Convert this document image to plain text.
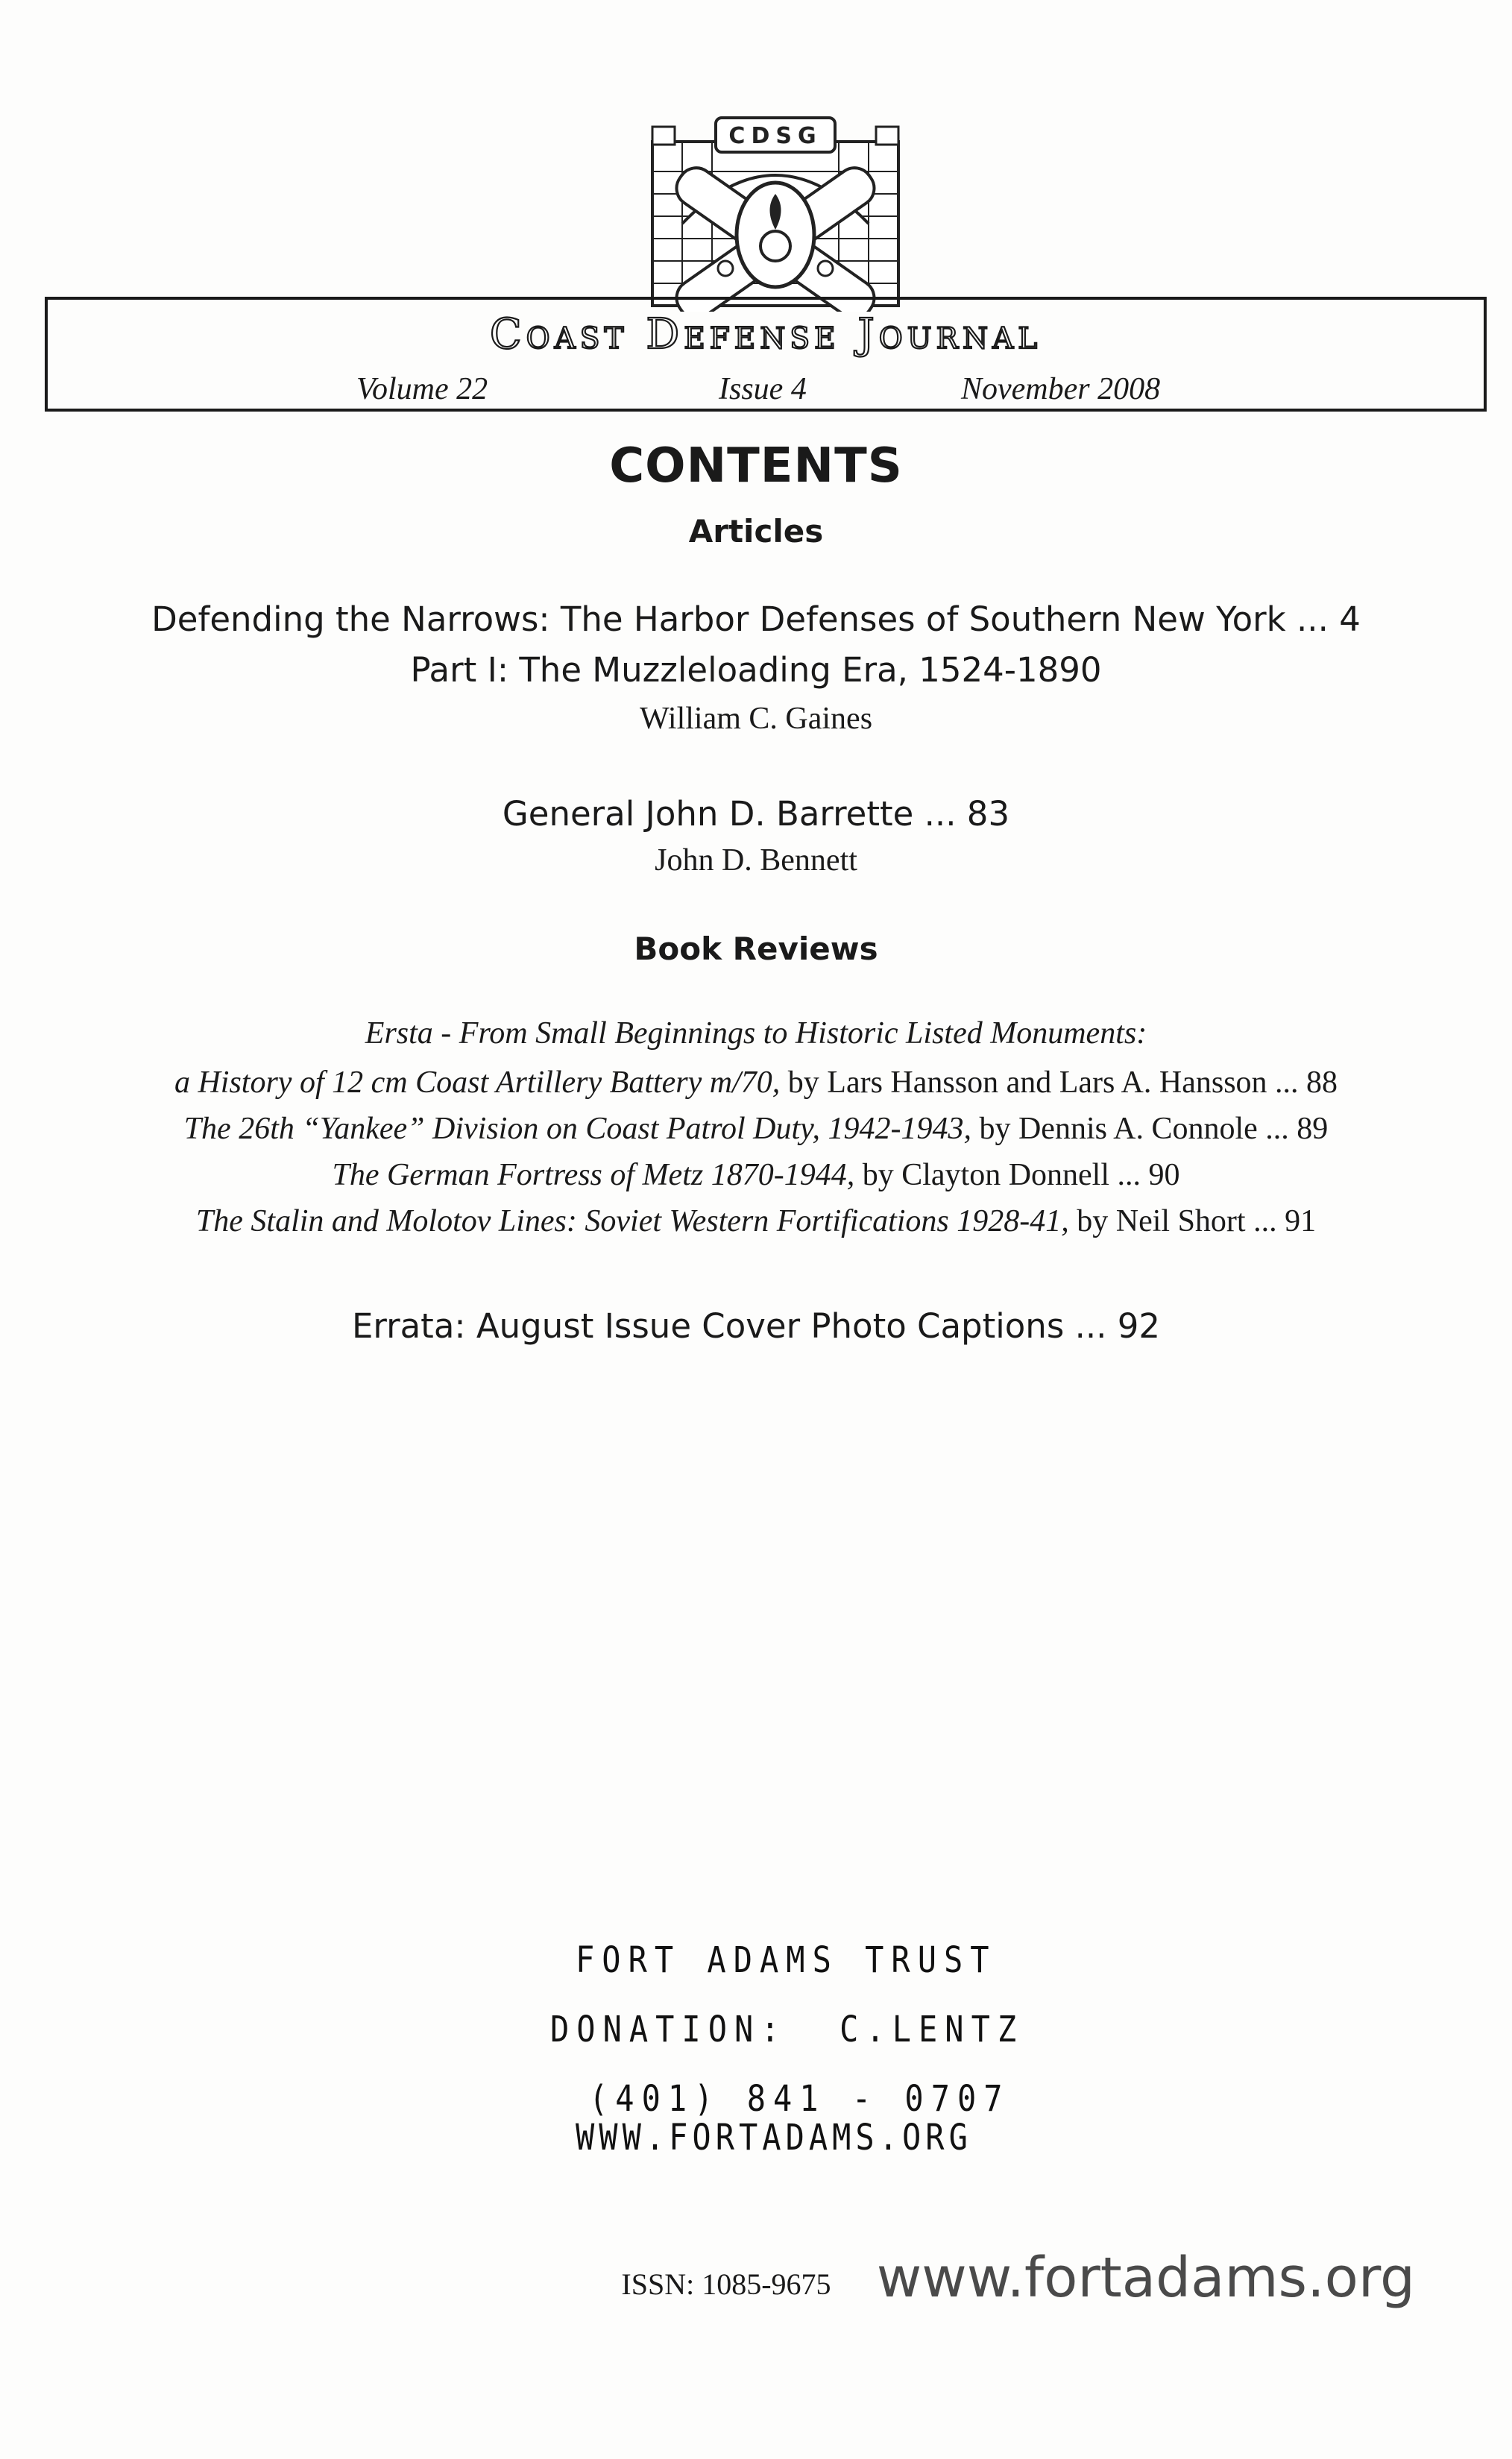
CDSG
Coast Defense Journal
Volume 22	Issue 4	November 2008
CONTENTS
Articles
Defending the Narrows: The Harbor Defenses of Southern New York ... 4
Part I: The Muzzleloading Era, 1524-1890
William C. Gaines
General John D. Barrette ... 83
John D. Bennett
Book Reviews
Ersta - From Small Beginnings to Historic Listed Monuments:
a History of 12 cm Coast Artillery Battery m/70, by Lars Hansson and Lars A. Hansson ... 88
The 26th “Yankee” Division on Coast Patrol Duty, 1942-1943, by Dennis A. Connole ... 89
The German Fortress of Metz 1870-1944, by Clayton Donnell ... 90
The Stalin and Molotov Lines: Soviet Western Fortifications 1928-41, by Neil Short ... 91
Errata: August Issue Cover Photo Captions ... 92
FORT ADAMS TRUST
DONATION:  C.LENTZ
(401) 841 - 0707
WWW.FORTADAMS.ORG
ISSN: 1085-9675 www.fortadams.org
